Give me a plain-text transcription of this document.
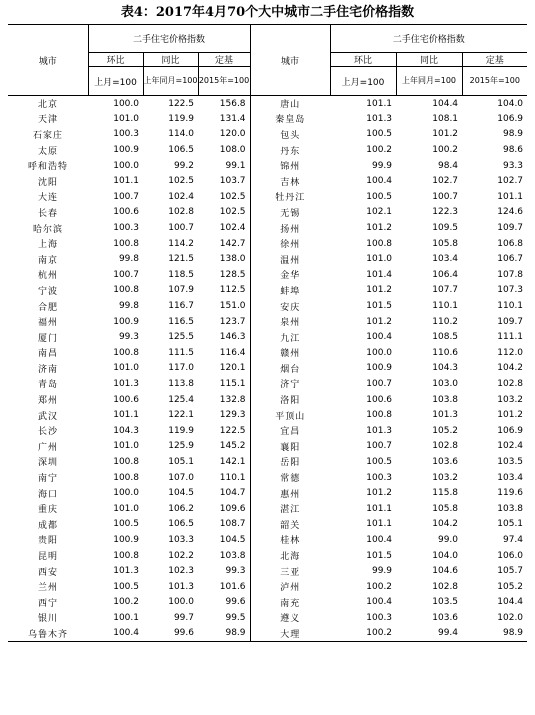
表4：2017年4月70个大中城市二手住宅价格指数
城市	二手住宅价格指数			城市	二手住宅价格指数		
	环比	同比	定基		环比	同比	定基
	上月=100	上年同月=100	2015年=100		上月=100	上年同月=100	2015年=100
北京	100.0	122.5	156.8	唐山	101.1	104.4	104.0
天津	101.0	119.9	131.4	秦皇岛	101.3	108.1	106.9
石家庄	100.3	114.0	120.0	包头	100.5	101.2	98.9
太原	100.9	106.5	108.0	丹东	100.2	100.2	98.6
呼和浩特	100.0	99.2	99.1	锦州	99.9	98.4	93.3
沈阳	101.1	102.5	103.7	吉林	100.4	102.7	102.7
大连	100.7	102.4	102.5	牡丹江	100.5	100.7	101.1
长春	100.6	102.8	102.5	无锡	102.1	122.3	124.6
哈尔滨	100.3	100.7	102.4	扬州	101.2	109.5	109.7
上海	100.8	114.2	142.7	徐州	100.8	105.8	106.8
南京	99.8	121.5	138.0	温州	101.0	103.4	106.7
杭州	100.7	118.5	128.5	金华	101.4	106.4	107.8
宁波	100.8	107.9	112.5	蚌埠	101.2	107.7	107.3
合肥	99.8	116.7	151.0	安庆	101.5	110.1	110.1
福州	100.9	116.5	123.7	泉州	101.2	110.2	109.7
厦门	99.3	125.5	146.3	九江	100.4	108.5	111.1
南昌	100.8	111.5	116.4	赣州	100.0	110.6	112.0
济南	101.0	117.0	120.1	烟台	100.9	104.3	104.2
青岛	101.3	113.8	115.1	济宁	100.7	103.0	102.8
郑州	100.6	125.4	132.8	洛阳	100.6	103.8	103.2
武汉	101.1	122.1	129.3	平顶山	100.8	101.3	101.2
长沙	104.3	119.9	122.5	宜昌	101.3	105.2	106.9
广州	101.0	125.9	145.2	襄阳	100.7	102.8	102.4
深圳	100.8	105.1	142.1	岳阳	100.5	103.6	103.5
南宁	100.8	107.0	110.1	常德	100.3	103.2	103.4
海口	100.0	104.5	104.7	惠州	101.2	115.8	119.6
重庆	101.0	106.2	109.6	湛江	101.1	105.8	103.8
成都	100.5	106.5	108.7	韶关	101.1	104.2	105.1
贵阳	100.9	103.3	104.5	桂林	100.4	99.0	97.4
昆明	100.8	102.2	103.8	北海	101.5	104.0	106.0
西安	101.3	102.3	99.3	三亚	99.9	104.6	105.7
兰州	100.5	101.3	101.6	泸州	100.2	102.8	105.2
西宁	100.2	100.0	99.6	南充	100.4	103.5	104.4
银川	100.1	99.7	99.5	遵义	100.3	103.6	102.0
乌鲁木齐	100.4	99.6	98.9	大理	100.2	99.4	98.9
